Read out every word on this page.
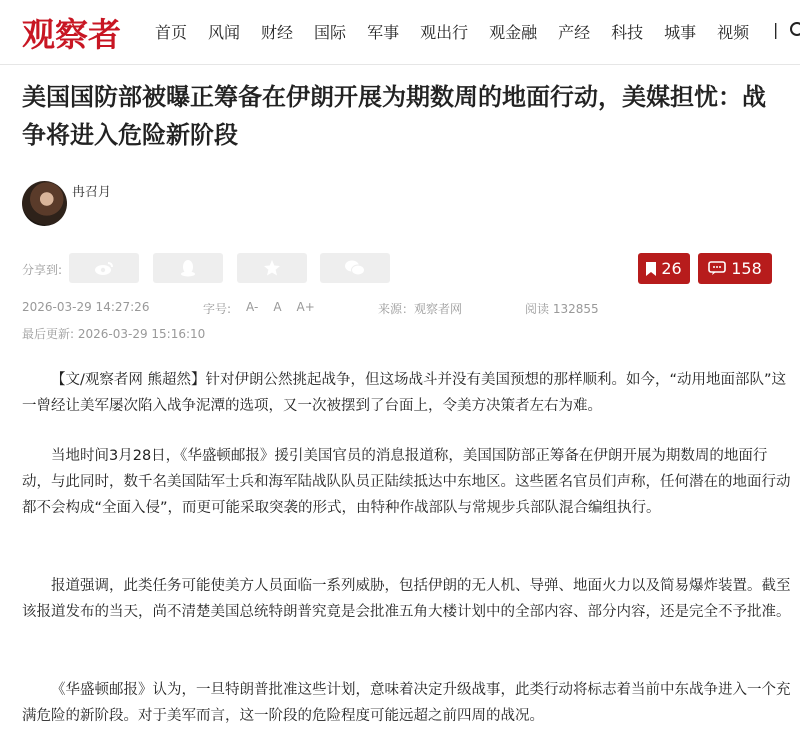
观察者 首页 风闻 财经 国际 军事 观出行 观金融 产经 科技 城事 视频 |
美国国防部被曝正筹备在伊朗开展为期数周的地面行动，美媒担忧：战争将进入危险新阶段
冉召月
分享到:	26	158
2026-03-29 14:27:26	字号: A- A A+	来源：观察者网	阅读 132855
最后更新: 2026-03-29 15:16:10

【文/观察者网 熊超然】针对伊朗公然挑起战争，但这场战斗并没有美国预想的那样顺利。如今，“动用地面部队”这一曾经让美军屡次陷入战争泥潭的选项，又一次被摆到了台面上，令美方决策者左右为难。

当地时间3月28日，《华盛顿邮报》援引美国官员的消息报道称，美国国防部正筹备在伊朗开展为期数周的地面行动，与此同时，数千名美国陆军士兵和海军陆战队队员正陆续抵达中东地区。这些匿名官员们声称，任何潜在的地面行动都不会构成“全面入侵”，而更可能采取突袭的形式，由特种作战部队与常规步兵部队混合编组执行。

报道强调，此类任务可能使美方人员面临一系列威胁，包括伊朗的无人机、导弹、地面火力以及简易爆炸装置。截至该报道发布的当天，尚不清楚美国总统特朗普究竟是会批准五角大楼计划中的全部内容、部分内容，还是完全不予批准。

《华盛顿邮报》认为，一旦特朗普批准这些计划，意味着决定升级战事，此类行动将标志着当前中东战争进入一个充满危险的新阶段。对于美军而言，这一阶段的危险程度可能远超之前四周的战况。
